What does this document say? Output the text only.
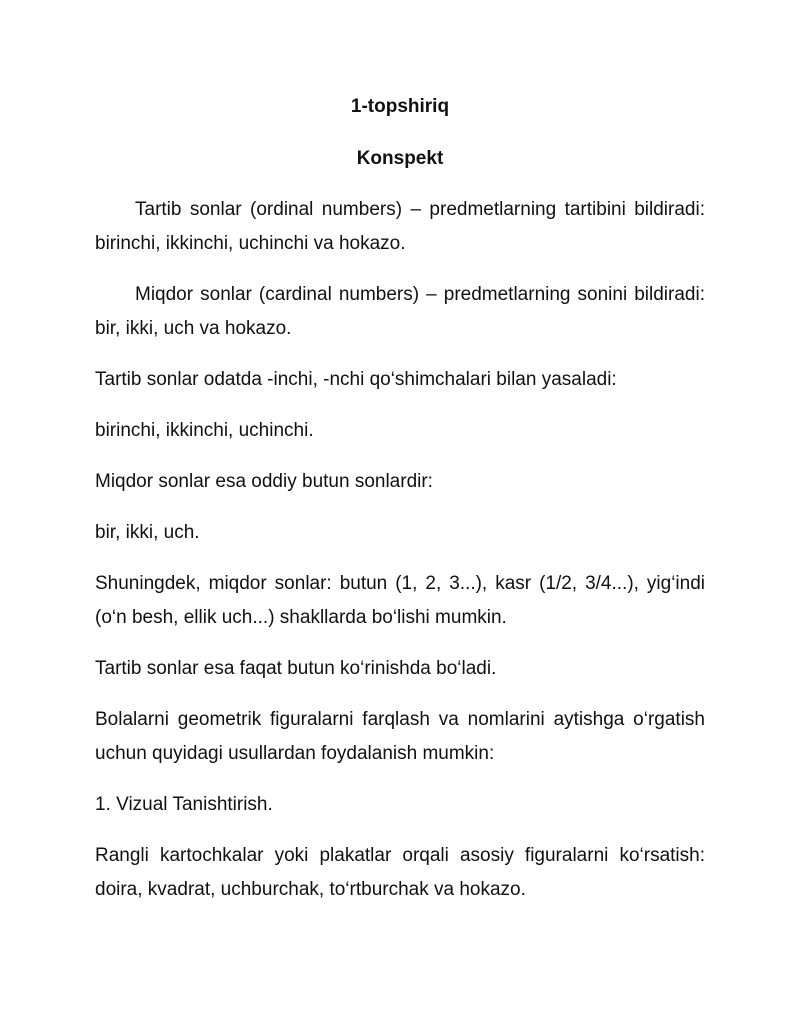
1-topshiriq

Konspekt

Tartib sonlar (ordinal numbers) – predmetlarning tartibini bildiradi: birinchi, ikkinchi, uchinchi va hokazo.

Miqdor sonlar (cardinal numbers) – predmetlarning sonini bildiradi: bir, ikki, uch va hokazo.

Tartib sonlar odatda -inchi, -nchi qo‘shimchalari bilan yasaladi:

birinchi, ikkinchi, uchinchi.

Miqdor sonlar esa oddiy butun sonlardir:

bir, ikki, uch.

Shuningdek, miqdor sonlar: butun (1, 2, 3...), kasr (1/2, 3/4...), yig‘indi (o‘n besh, ellik uch...) shakllarda bo‘lishi mumkin.

Tartib sonlar esa faqat butun ko‘rinishda bo‘ladi.

Bolalarni geometrik figuralarni farqlash va nomlarini aytishga o‘rgatish uchun quyidagi usullardan foydalanish mumkin:

1. Vizual Tanishtirish.

Rangli kartochkalar yoki plakatlar orqali asosiy figuralarni ko‘rsatish: doira, kvadrat, uchburchak, to‘rtburchak va hokazo.
